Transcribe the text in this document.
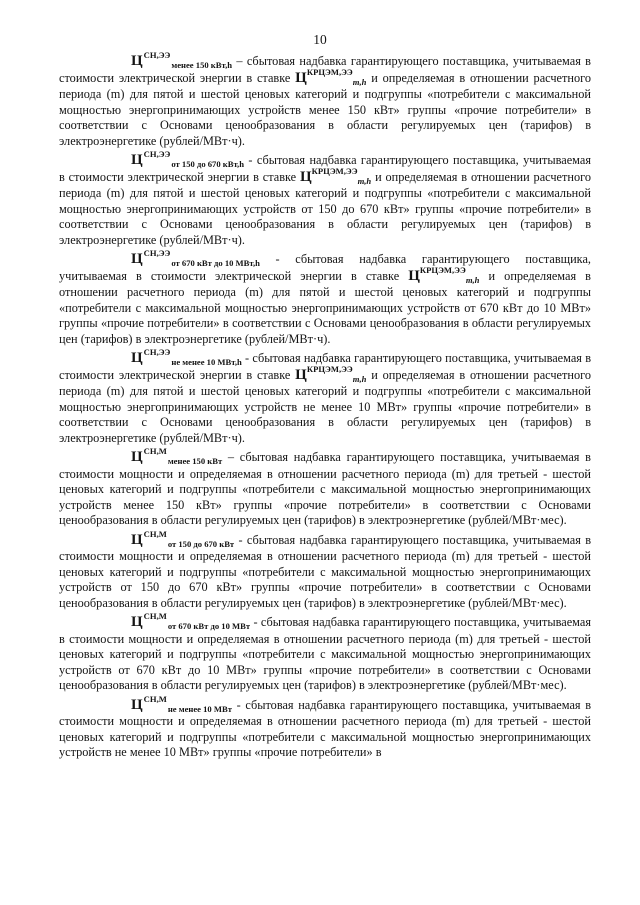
10

$Ц^{СН,ЭЭ}_{менее 150 кВт,h}$ – сбытовая надбавка гарантирующего поставщика, учитываемая в стоимости электрической энергии в ставке $Ц^{КРЦЭМ,ЭЭ}_{m,h}$ и определяемая в отношении расчетного периода (m) для пятой и шестой ценовых категорий и подгруппы «потребители с максимальной мощностью энергопринимающих устройств менее 150 кВт» группы «прочие потребители» в соответствии с Основами ценообразования в области регулируемых цен (тарифов) в электроэнергетике (рублей/МВт·ч).

$Ц^{СН,ЭЭ}_{от 150 до 670 кВт,h}$ - сбытовая надбавка гарантирующего поставщика, учитываемая в стоимости электрической энергии в ставке $Ц^{КРЦЭМ,ЭЭ}_{m,h}$ и определяемая в отношении расчетного периода (m) для пятой и шестой ценовых категорий и подгруппы «потребители с максимальной мощностью энергопринимающих устройств от 150 до 670 кВт» группы «прочие потребители» в соответствии с Основами ценообразования в области регулируемых цен (тарифов) в электроэнергетике (рублей/МВт·ч).

$Ц^{СН,ЭЭ}_{от 670 кВт до 10 МВт,h}$ - сбытовая надбавка гарантирующего поставщика, учитываемая в стоимости электрической энергии в ставке $Ц^{КРЦЭМ,ЭЭ}_{m,h}$ и определяемая в отношении расчетного периода (m) для пятой и шестой ценовых категорий и подгруппы «потребители с максимальной мощностью энергопринимающих устройств от 670 кВт до 10 МВт» группы «прочие потребители» в соответствии с Основами ценообразования в области регулируемых цен (тарифов) в электроэнергетике (рублей/МВт·ч).

$Ц^{СН,ЭЭ}_{не менее 10 МВт,h}$ - сбытовая надбавка гарантирующего поставщика, учитываемая в стоимости электрической энергии в ставке $Ц^{КРЦЭМ,ЭЭ}_{m,h}$ и определяемая в отношении расчетного периода (m) для пятой и шестой ценовых категорий и подгруппы «потребители с максимальной мощностью энергопринимающих устройств не менее 10 МВт» группы «прочие потребители» в соответствии с Основами ценообразования в области регулируемых цен (тарифов) в электроэнергетике (рублей/МВт·ч).

$Ц^{СН,М}_{менее 150 кВт}$ – сбытовая надбавка гарантирующего поставщика, учитываемая в стоимости мощности и определяемая в отношении расчетного периода (m) для третьей - шестой ценовых категорий и подгруппы «потребители с максимальной мощностью энергопринимающих устройств менее 150 кВт» группы «прочие потребители» в соответствии с Основами ценообразования в области регулируемых цен (тарифов) в электроэнергетике (рублей/МВт·мес).

$Ц^{СН,М}_{от 150 до 670 кВт}$ - сбытовая надбавка гарантирующего поставщика, учитываемая в стоимости мощности и определяемая в отношении расчетного периода (m) для третьей - шестой ценовых категорий и подгруппы «потребители с максимальной мощностью энергопринимающих устройств от 150 до 670 кВт» группы «прочие потребители» в соответствии с Основами ценообразования в области регулируемых цен (тарифов) в электроэнергетике (рублей/МВт·мес).

$Ц^{СН,М}_{от 670 кВт до 10 МВт}$ - сбытовая надбавка гарантирующего поставщика, учитываемая в стоимости мощности и определяемая в отношении расчетного периода (m) для третьей - шестой ценовых категорий и подгруппы «потребители с максимальной мощностью энергопринимающих устройств от 670 кВт до 10 МВт» группы «прочие потребители» в соответствии с Основами ценообразования в области регулируемых цен (тарифов) в электроэнергетике (рублей/МВт·мес).

$Ц^{СН,М}_{не менее 10 МВт}$ - сбытовая надбавка гарантирующего поставщика, учитываемая в стоимости мощности и определяемая в отношении расчетного периода (m) для третьей - шестой ценовых категорий и подгруппы «потребители с максимальной мощностью энергопринимающих устройств не менее 10 МВт» группы «прочие потребители» в
